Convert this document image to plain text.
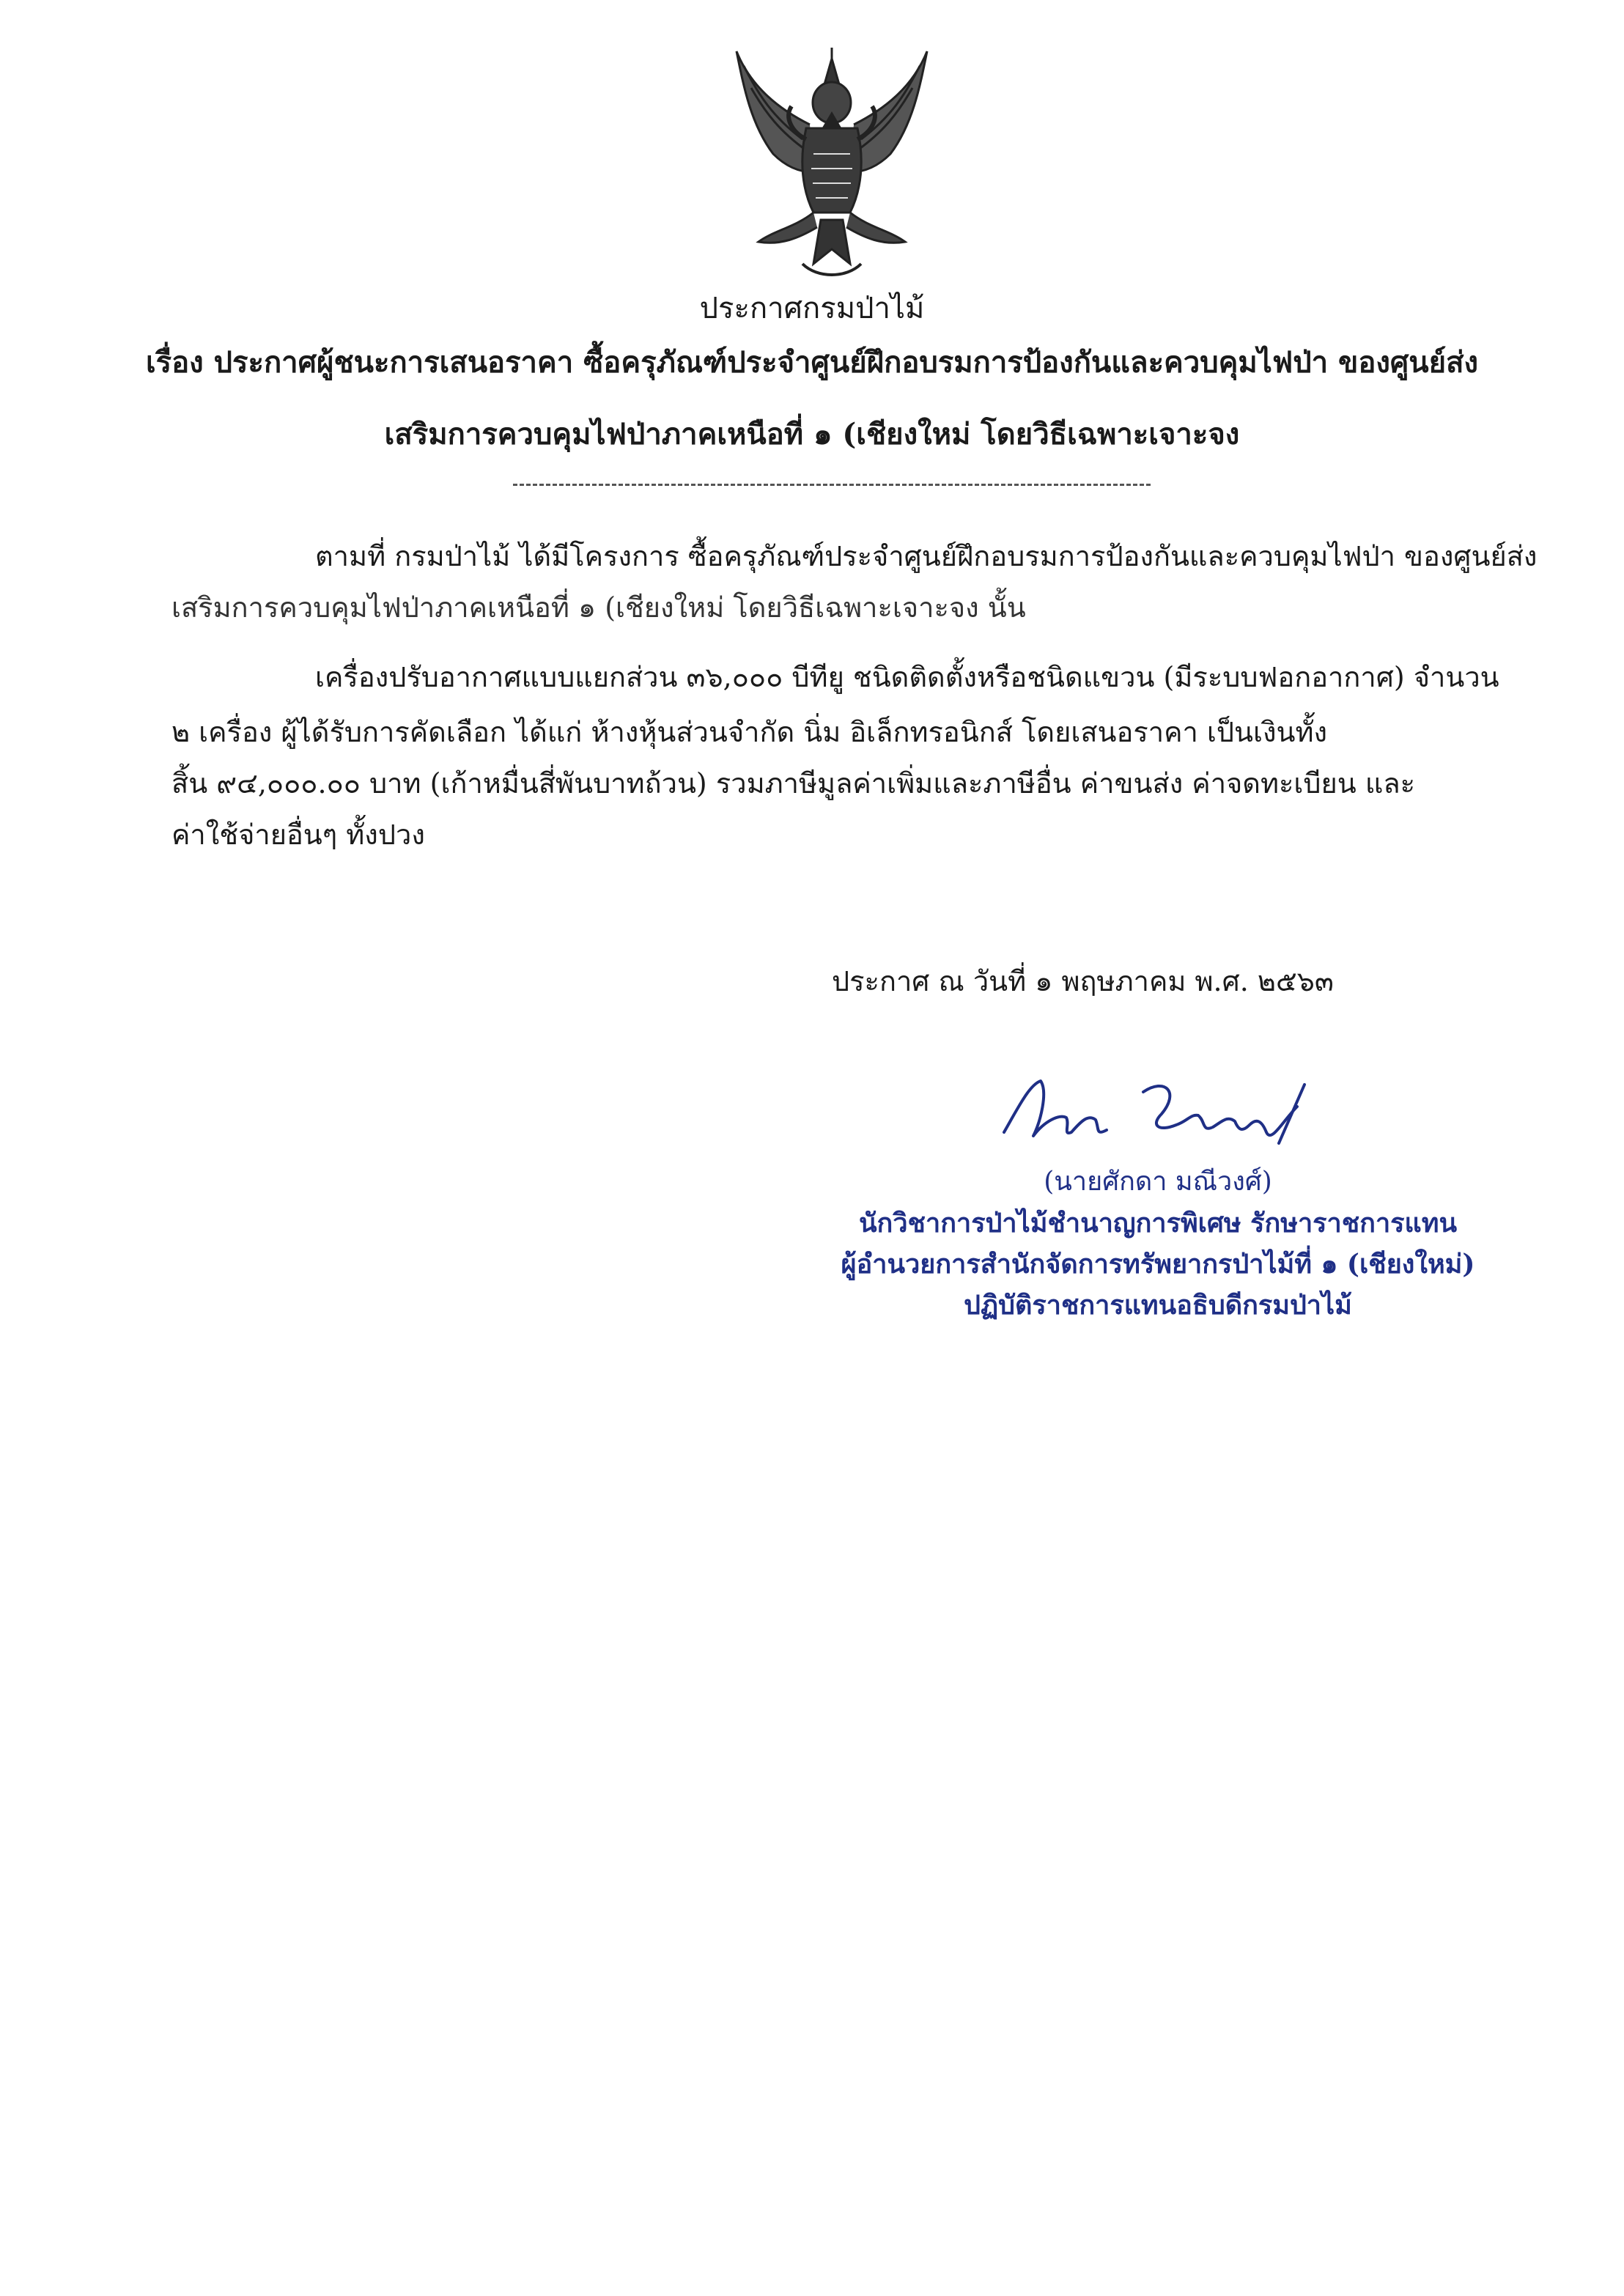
ประกาศกรมป่าไม้
เรื่อง ประกาศผู้ชนะการเสนอราคา ซื้อครุภัณฑ์ประจำศูนย์ฝึกอบรมการป้องกันและควบคุมไฟป่า ของศูนย์ส่ง
เสริมการควบคุมไฟป่าภาคเหนือที่ ๑ (เชียงใหม่ โดยวิธีเฉพาะเจาะจง
ตามที่ กรมป่าไม้ ได้มีโครงการ ซื้อครุภัณฑ์ประจำศูนย์ฝึกอบรมการป้องกันและควบคุมไฟป่า ของศูนย์ส่ง
เสริมการควบคุมไฟป่าภาคเหนือที่ ๑ (เชียงใหม่ โดยวิธีเฉพาะเจาะจง นั้น
เครื่องปรับอากาศแบบแยกส่วน ๓๖,๐๐๐ บีทียู ชนิดติดตั้งหรือชนิดแขวน (มีระบบฟอกอากาศ) จำนวน
๒ เครื่อง ผู้ได้รับการคัดเลือก ได้แก่ ห้างหุ้นส่วนจำกัด นิ่ม อิเล็กทรอนิกส์ โดยเสนอราคา เป็นเงินทั้ง
สิ้น ๙๔,๐๐๐.๐๐ บาท (เก้าหมื่นสี่พันบาทถ้วน) รวมภาษีมูลค่าเพิ่มและภาษีอื่น ค่าขนส่ง ค่าจดทะเบียน และ
ค่าใช้จ่ายอื่นๆ ทั้งปวง
ประกาศ ณ วันที่ ๑ พฤษภาคม พ.ศ. ๒๕๖๓
(นายศักดา มณีวงศ์)
นักวิชาการป่าไม้ชำนาญการพิเศษ รักษาราชการแทน
ผู้อำนวยการสำนักจัดการทรัพยากรป่าไม้ที่ ๑ (เชียงใหม่)
ปฏิบัติราชการแทนอธิบดีกรมป่าไม้
